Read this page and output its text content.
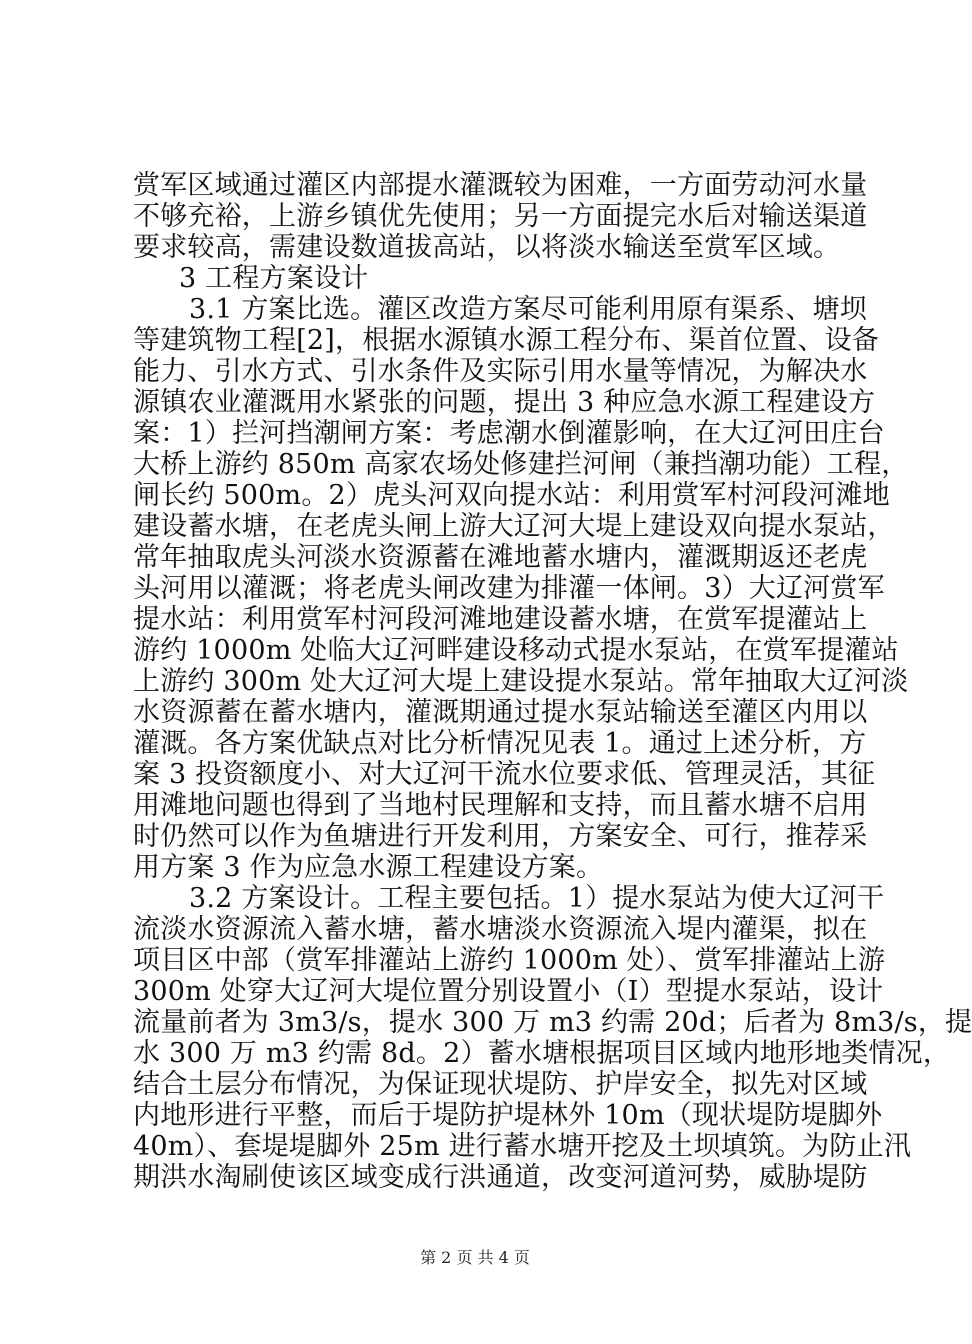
赏军区域通过灌区内部提水灌溉较为困难，一方面劳动河水量
不够充裕，上游乡镇优先使用；另一方面提完水后对输送渠道
要求较高，需建设数道拔高站，以将淡水输送至赏军区域。
3 工程方案设计
3.1 方案比选。灌区改造方案尽可能利用原有渠系、塘坝
等建筑物工程[2]，根据水源镇水源工程分布、渠首位置、设备
能力、引水方式、引水条件及实际引用水量等情况，为解决水
源镇农业灌溉用水紧张的问题，提出 3 种应急水源工程建设方
案：1）拦河挡潮闸方案：考虑潮水倒灌影响，在大辽河田庄台
大桥上游约 850m 高家农场处修建拦河闸（兼挡潮功能）工程，
闸长约 500m。2）虎头河双向提水站：利用赏军村河段河滩地
建设蓄水塘，在老虎头闸上游大辽河大堤上建设双向提水泵站，
常年抽取虎头河淡水资源蓄在滩地蓄水塘内，灌溉期返还老虎
头河用以灌溉；将老虎头闸改建为排灌一体闸。3）大辽河赏军
提水站：利用赏军村河段河滩地建设蓄水塘，在赏军提灌站上
游约 1000m 处临大辽河畔建设移动式提水泵站，在赏军提灌站
上游约 300m 处大辽河大堤上建设提水泵站。常年抽取大辽河淡
水资源蓄在蓄水塘内，灌溉期通过提水泵站输送至灌区内用以
灌溉。各方案优缺点对比分析情况见表 1。通过上述分析，方
案 3 投资额度小、对大辽河干流水位要求低、管理灵活，其征
用滩地问题也得到了当地村民理解和支持，而且蓄水塘不启用
时仍然可以作为鱼塘进行开发利用，方案安全、可行，推荐采
用方案 3 作为应急水源工程建设方案。
3.2 方案设计。工程主要包括。1）提水泵站为使大辽河干
流淡水资源流入蓄水塘，蓄水塘淡水资源流入堤内灌渠，拟在
项目区中部（赏军排灌站上游约 1000m 处）、赏军排灌站上游
300m 处穿大辽河大堤位置分别设置小（Ⅰ）型提水泵站，设计
流量前者为 3m3/s，提水 300 万 m3 约需 20d；后者为 8m3/s，提
水 300 万 m3 约需 8d。2）蓄水塘根据项目区域内地形地类情况，
结合土层分布情况，为保证现状堤防、护岸安全，拟先对区域
内地形进行平整，而后于堤防护堤林外 10m（现状堤防堤脚外
40m）、套堤堤脚外 25m 进行蓄水塘开挖及土坝填筑。为防止汛
期洪水淘刷使该区域变成行洪通道，改变河道河势，威胁堤防
第 2 页 共 4 页
